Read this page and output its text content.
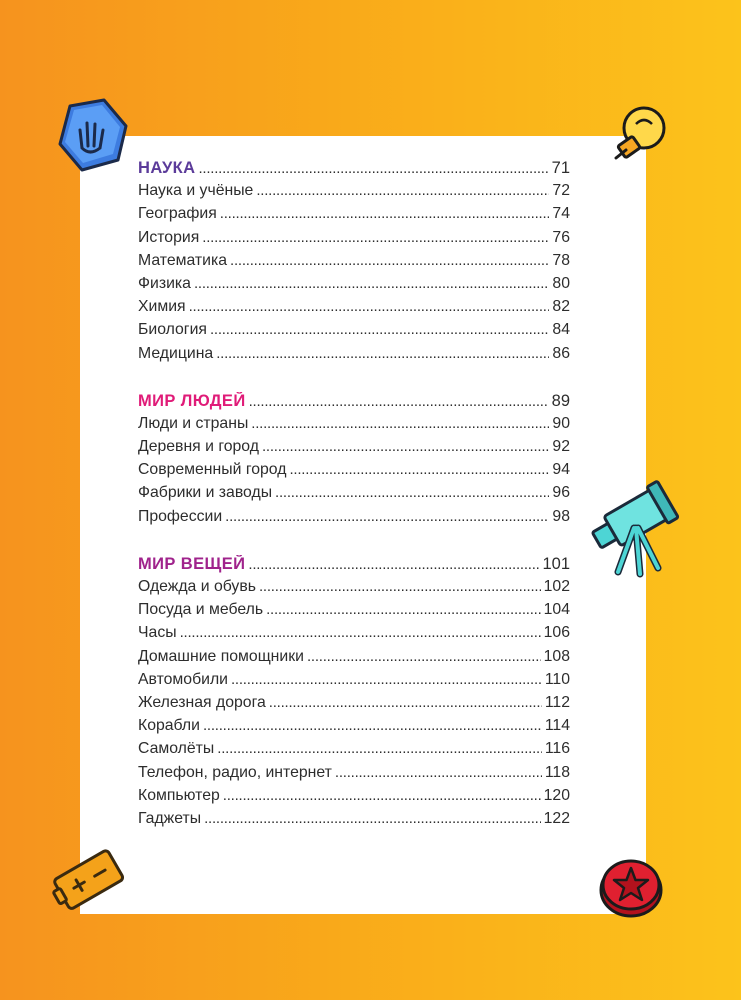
НАУКА . . .	71
Наука и учёные . . .	72
География . . .	74
История . . .	76
Математика . . .	78
Физика . . .	80
Химия . . .	82
Биология . . .	84
Медицина . . .	86
МИР ЛЮДЕЙ . . .	89
Люди и страны . . .	90
Деревня и город . . .	92
Современный город . . .	94
Фабрики и заводы . . .	96
Профессии . . .	98
МИР ВЕЩЕЙ . . .	101
Одежда и обувь . . .	102
Посуда и мебель . . .	104
Часы . . .	106
Домашние помощники . . .	108
Автомобили . . .	110
Железная дорога . . .	112
Корабли . . .	114
Самолёты . . .	116
Телефон, радио, интернет . . .	118
Компьютер . . .	120
Гаджеты . . .	122
